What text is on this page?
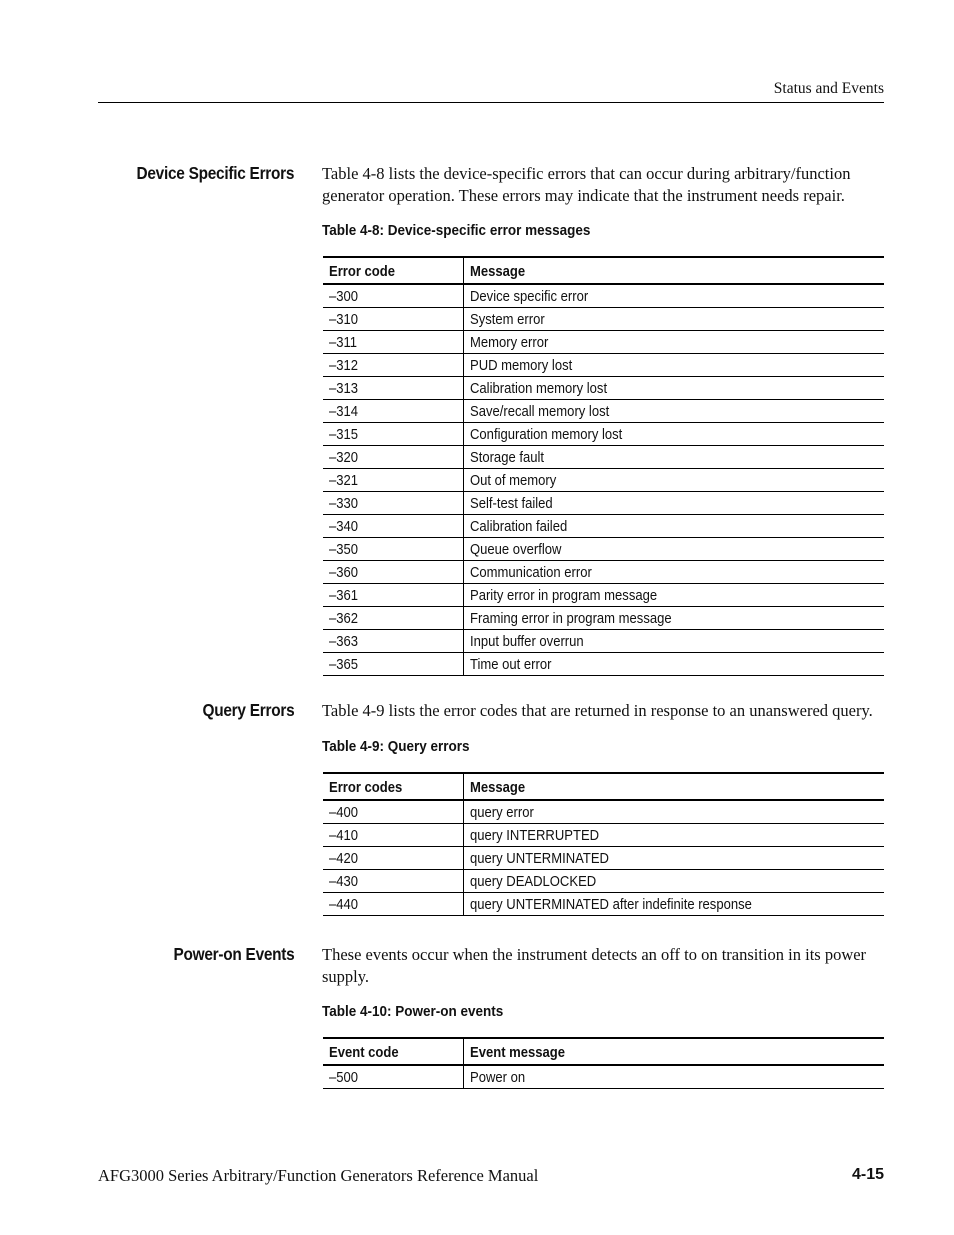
Status and Events
Device Specific Errors Table 4-8 lists the device-specific errors that can occur during arbitrary/function generator operation. These errors may indicate that the instrument needs repair.
Table 4-8: Device-specific error messages
Error code	Message
–300	Device specific error
–310	System error
–311	Memory error
–312	PUD memory lost
–313	Calibration memory lost
–314	Save/recall memory lost
–315	Configuration memory lost
–320	Storage fault
–321	Out of memory
–330	Self-test failed
–340	Calibration failed
–350	Queue overflow
–360	Communication error
–361	Parity error in program message
–362	Framing error in program message
–363	Input buffer overrun
–365	Time out error
Query Errors Table 4-9 lists the error codes that are returned in response to an unanswered query.
Table 4-9: Query errors
Error codes	Message
–400	query error
–410	query INTERRUPTED
–420	query UNTERMINATED
–430	query DEADLOCKED
–440	query UNTERMINATED after indefinite response
Power-on Events These events occur when the instrument detects an off to on transition in its power supply.
Table 4-10: Power-on events
Event code	Event message
–500	Power on
AFG3000 Series Arbitrary/Function Generators Reference Manual	4-15
